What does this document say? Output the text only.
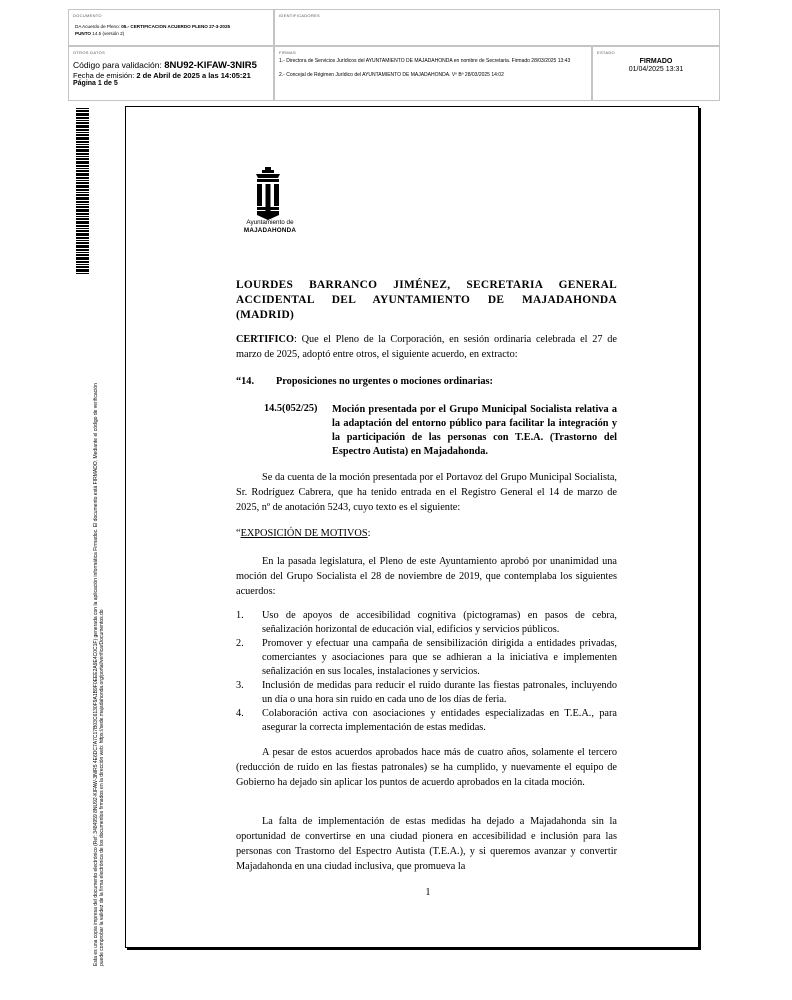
DOCUMENTO
DA Acuerdo de Pleno: 05.- CERTIFICACION ACUERDO PLENO 27-3-2025
PUNTO 14.5 (versión 2)
IDENTIFICADORES
OTROS DATOS
Código para validación: 8NU92-KIFAW-3NIR5
Fecha de emisión: 2 de Abril de 2025 a las 14:05:21
Página 1 de 5
FIRMAS
1.- Directora de Servicios Jurídicos del AYUNTAMIENTO DE MAJADAHONDA en nombre de Secretaria. Firmado 28/03/2025 13:43
2.- Concejal de Régimen Jurídico del AYUNTAMIENTO DE MAJADAHONDA. Vº Bº 28/03/2025 14:02
ESTADO
FIRMADO
01/04/2025 13:31
Esta es una copia impresa del documento electrónico (Ref: 3484959 8NU92-KIFAW-3NIR5 4E6DC7A7C17B03C6130F9A1B9F0EEE2A9E4C0C1F) generada con la aplicación informática Firmadoc. El documento está FIRMADO. Mediante el código de verificación puede comprobar la validez de la firma electrónica de los documentos firmados en la dirección web: https://sede.majadahonda.org/portal/verificarDocumentos.do
Ayuntamiento de
MAJADAHONDA
LOURDES BARRANCO JIMÉNEZ, SECRETARIA GENERAL
ACCIDENTAL DEL AYUNTAMIENTO DE MAJADAHONDA (MADRID)
CERTIFICO: Que el Pleno de la Corporación, en sesión ordinaria celebrada el 27 de marzo de 2025, adoptó entre otros, el siguiente acuerdo, en extracto:
“14. Proposiciones no urgentes o mociones ordinarias:
14.5(052/25) Moción presentada por el Grupo Municipal Socialista relativa a la adaptación del entorno público para facilitar la integración y la participación de las personas con T.E.A. (Trastorno del Espectro Autista) en Majadahonda.
Se da cuenta de la moción presentada por el Portavoz del Grupo Municipal Socialista, Sr. Rodríguez Cabrera, que ha tenido entrada en el Registro General el 14 de marzo de 2025, nº de anotación 5243, cuyo texto es el siguiente:
“EXPOSICIÓN DE MOTIVOS:
En la pasada legislatura, el Pleno de este Ayuntamiento aprobó por unanimidad una moción del Grupo Socialista el 28 de noviembre de 2019, que contemplaba los siguientes acuerdos:
1.	Uso de apoyos de accesibilidad cognitiva (pictogramas) en pasos de cebra, señalización horizontal de educación vial, edificios y servicios públicos.
2.	Promover y efectuar una campaña de sensibilización dirigida a entidades privadas, comerciantes y asociaciones para que se adhieran a la iniciativa e implementen señalización en sus locales, instalaciones y servicios.
3.	Inclusión de medidas para reducir el ruido durante las fiestas patronales, incluyendo un día o una hora sin ruido en cada uno de los días de feria.
4.	Colaboración activa con asociaciones y entidades especializadas en T.E.A., para asegurar la correcta implementación de estas medidas.
A pesar de estos acuerdos aprobados hace más de cuatro años, solamente el tercero (reducción de ruido en las fiestas patronales) se ha cumplido, y nuevamente el equipo de Gobierno ha dejado sin aplicar los puntos de acuerdo aprobados en la citada moción.
La falta de implementación de estas medidas ha dejado a Majadahonda sin la oportunidad de convertirse en una ciudad pionera en accesibilidad e inclusión para las personas con Trastorno del Espectro Autista (T.E.A.), y si queremos avanzar y convertir Majadahonda en una ciudad inclusiva, que promueva la
1
